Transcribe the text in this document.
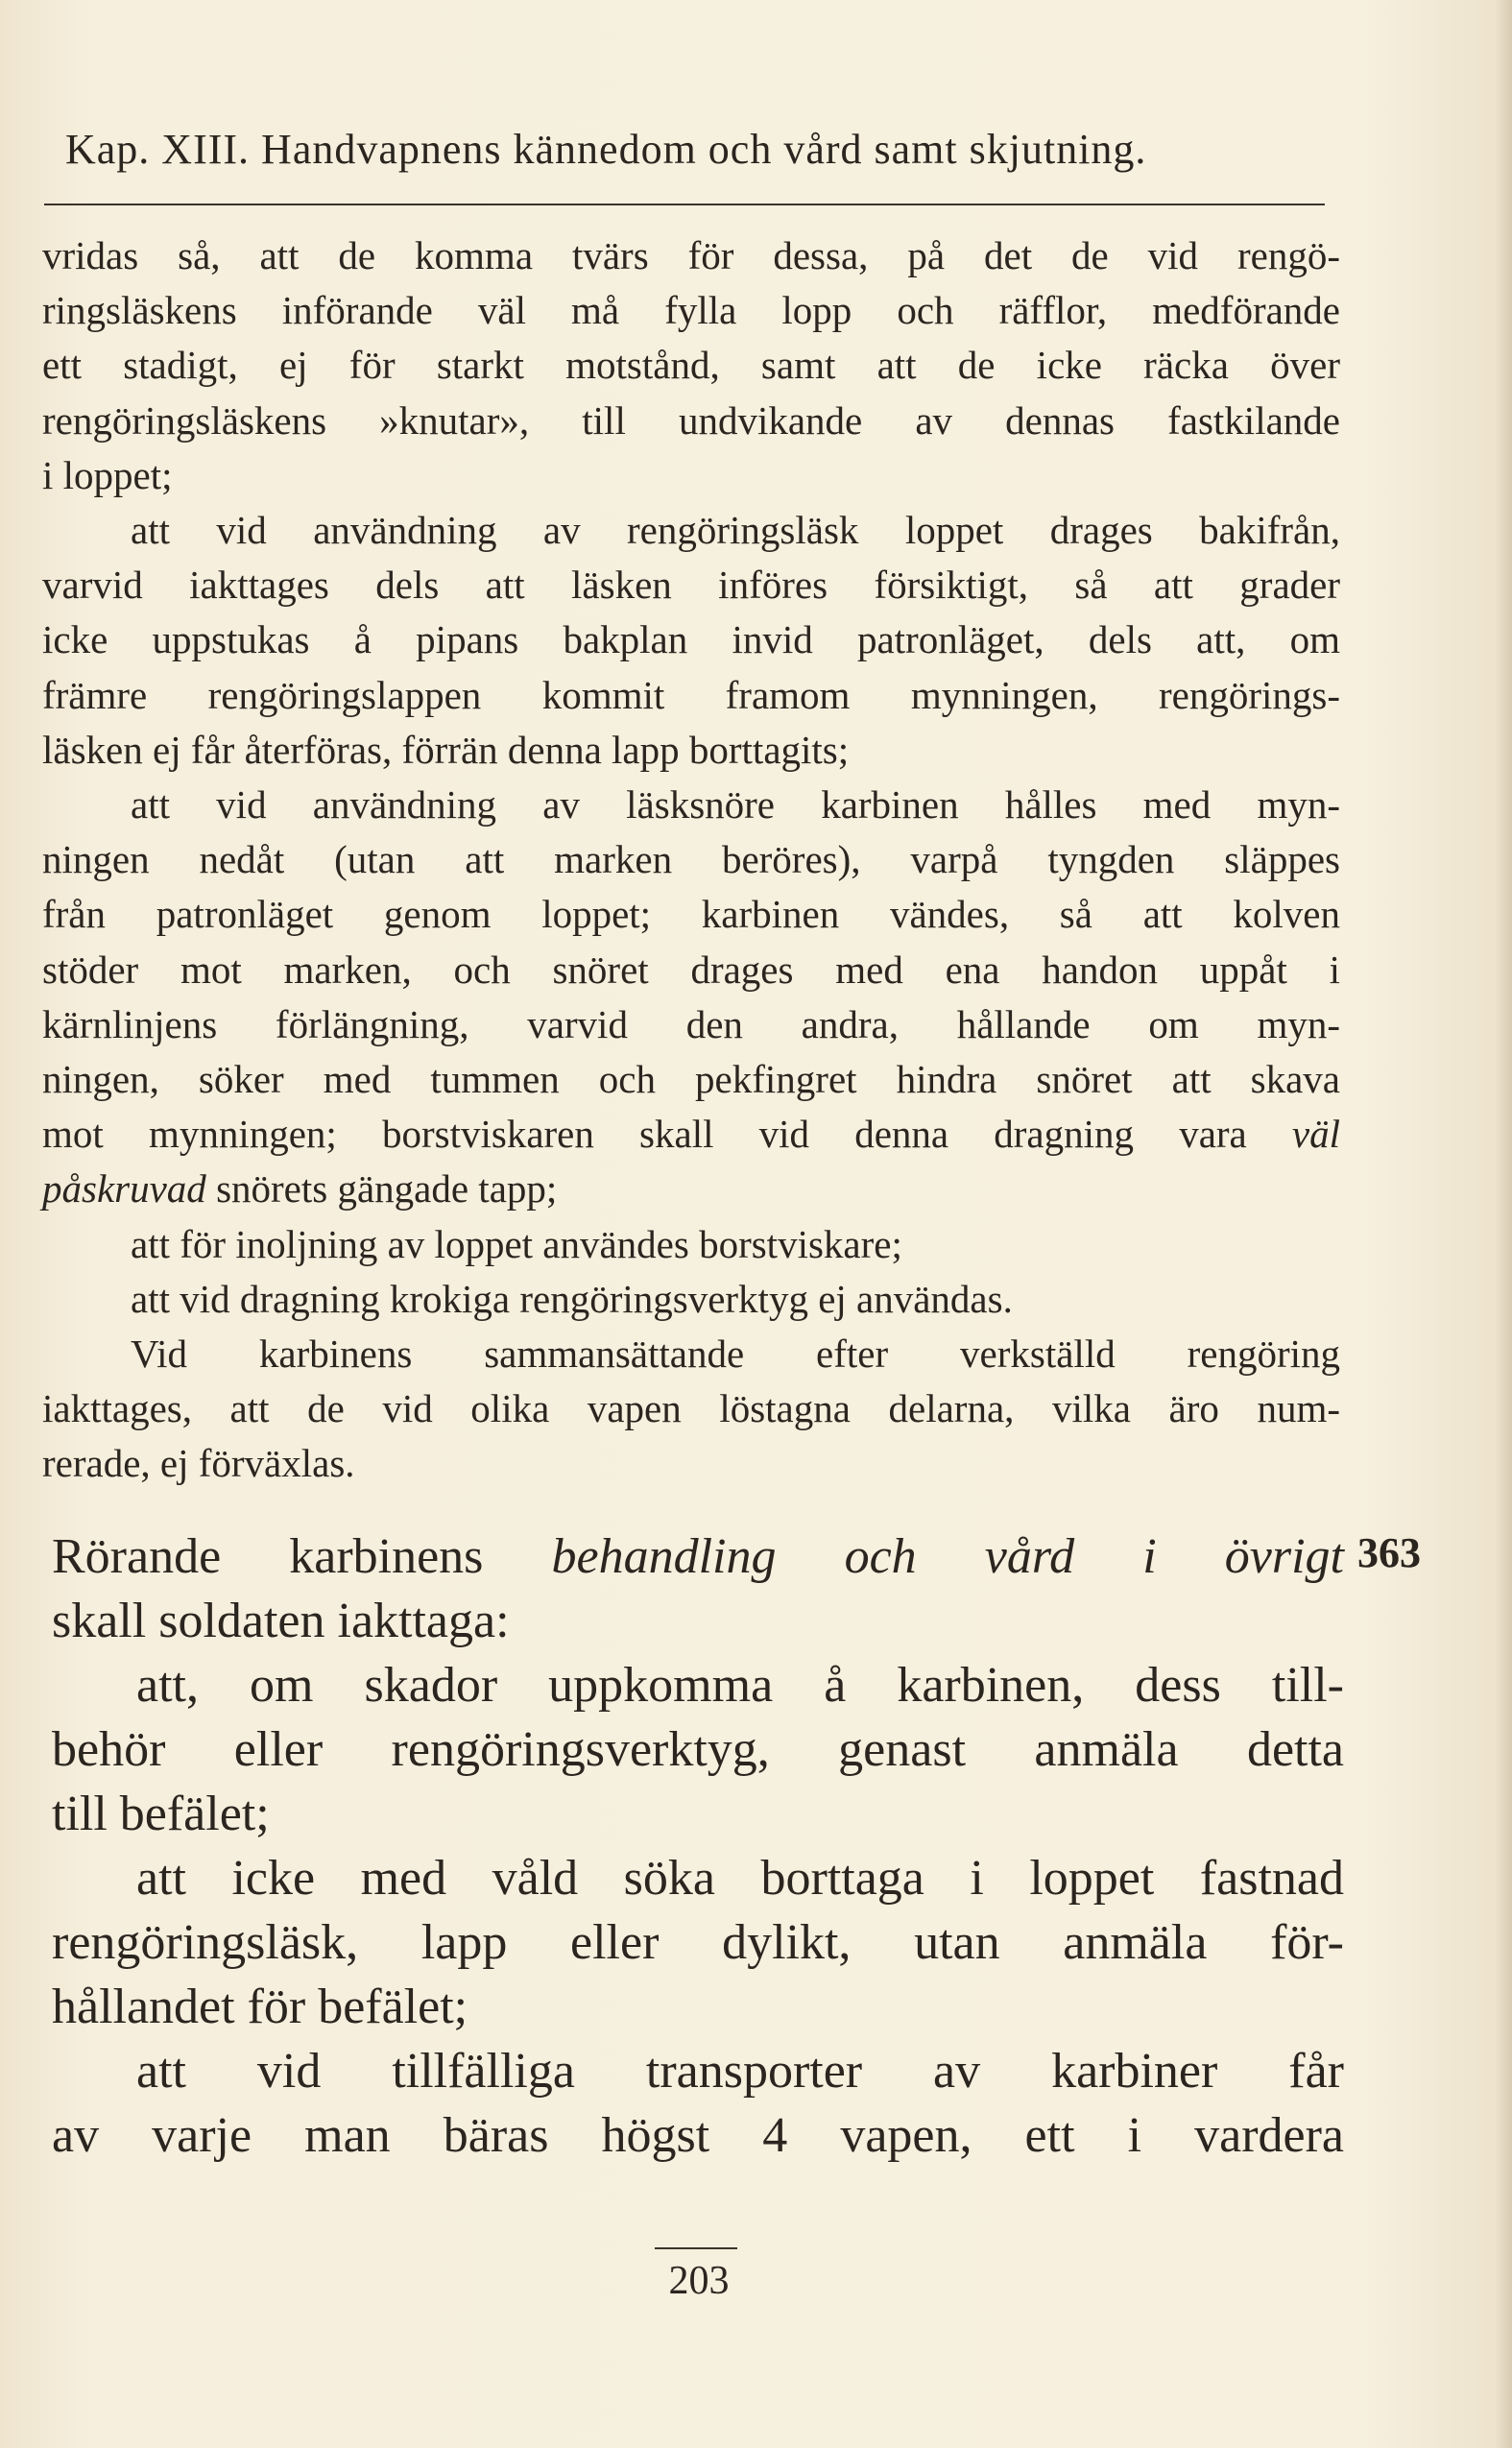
Kap. XIII. Handvapnens kännedom och vård samt skjutning.
vridas så, att de komma tvärs för dessa, på det de vid rengö-
ringsläskens införande väl må fylla lopp och räfflor, medförande
ett stadigt, ej för starkt motstånd, samt att de icke räcka över
rengöringsläskens »knutar», till undvikande av dennas fastkilande
i loppet;
att vid användning av rengöringsläsk loppet drages bakifrån,
varvid iakttages dels att läsken införes försiktigt, så att grader
icke uppstukas å pipans bakplan invid patronläget, dels att, om
främre rengöringslappen kommit framom mynningen, rengörings-
läsken ej får återföras, förrän denna lapp borttagits;
att vid användning av läsksnöre karbinen hålles med myn-
ningen nedåt (utan att marken beröres), varpå tyngden släppes
från patronläget genom loppet; karbinen vändes, så att kolven
stöder mot marken, och snöret drages med ena handon uppåt i
kärnlinjens förlängning, varvid den andra, hållande om myn-
ningen, söker med tummen och pekfingret hindra snöret att skava
mot mynningen; borstviskaren skall vid denna dragning vara väl
påskruvad snörets gängade tapp;
att för inoljning av loppet användes borstviskare;
att vid dragning krokiga rengöringsverktyg ej användas.
Vid karbinens sammansättande efter verkställd rengöring
iakttages, att de vid olika vapen löstagna delarna, vilka äro num-
rerade, ej förväxlas.
Rörande karbinens behandling och vård i övrigt
skall soldaten iakttaga:
att, om skador uppkomma å karbinen, dess till-
behör eller rengöringsverktyg, genast anmäla detta
till befälet;
att icke med våld söka borttaga i loppet fastnad
rengöringsläsk, lapp eller dylikt, utan anmäla för-
hållandet för befälet;
att vid tillfälliga transporter av karbiner får
av varje man bäras högst 4 vapen, ett i vardera
363
203
